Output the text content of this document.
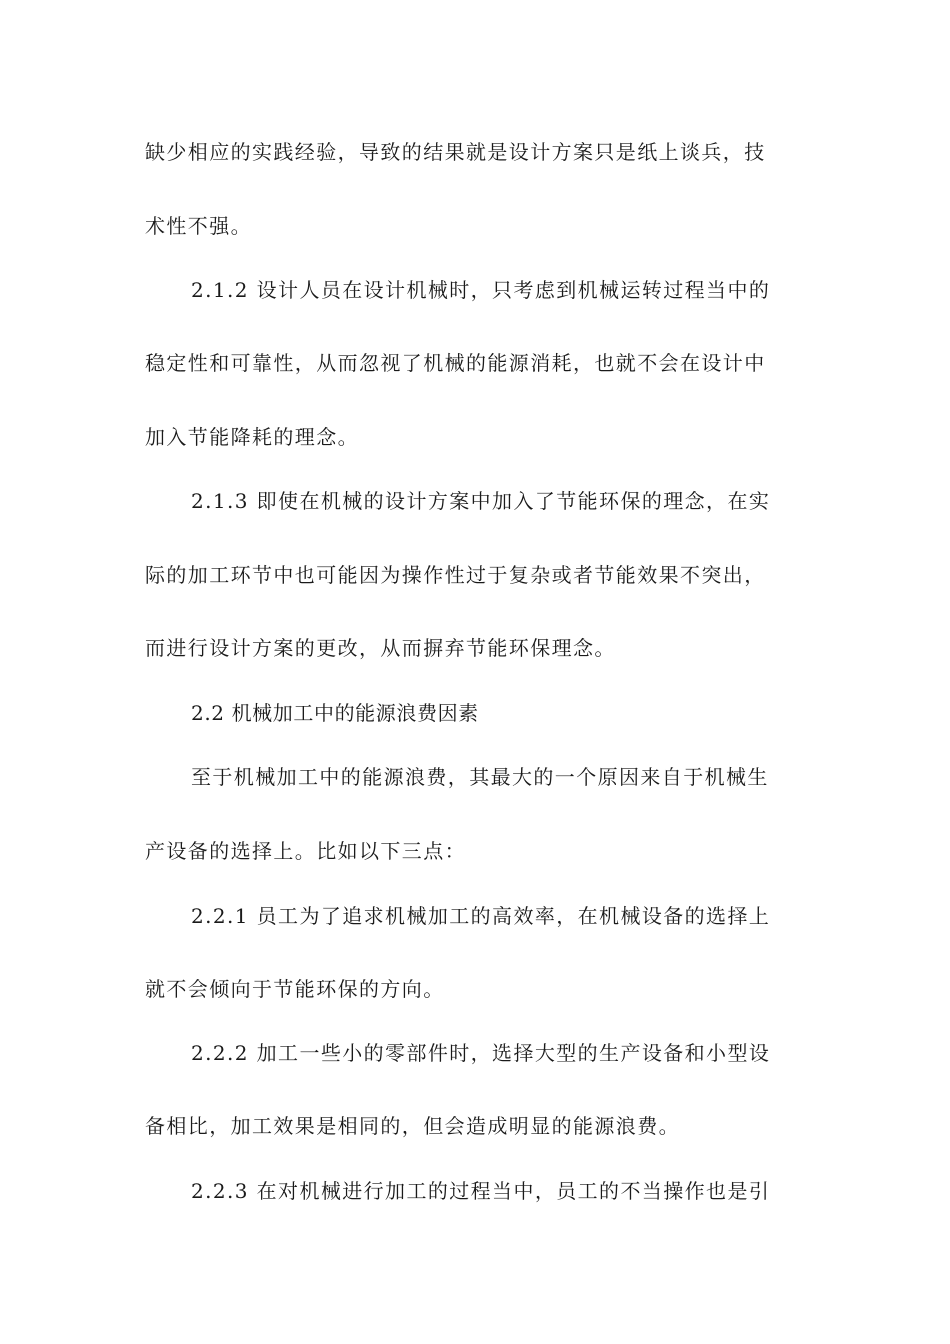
缺少相应的实践经验，导致的结果就是设计方案只是纸上谈兵，技
术性不强。
2.1.2 设计人员在设计机械时，只考虑到机械运转过程当中的
稳定性和可靠性，从而忽视了机械的能源消耗，也就不会在设计中
加入节能降耗的理念。
2.1.3 即使在机械的设计方案中加入了节能环保的理念，在实
际的加工环节中也可能因为操作性过于复杂或者节能效果不突出，
而进行设计方案的更改，从而摒弃节能环保理念。
2.2 机械加工中的能源浪费因素
至于机械加工中的能源浪费，其最大的一个原因来自于机械生
产设备的选择上。比如以下三点：
2.2.1 员工为了追求机械加工的高效率，在机械设备的选择上
就不会倾向于节能环保的方向。
2.2.2 加工一些小的零部件时，选择大型的生产设备和小型设
备相比，加工效果是相同的，但会造成明显的能源浪费。
2.2.3 在对机械进行加工的过程当中，员工的不当操作也是引
